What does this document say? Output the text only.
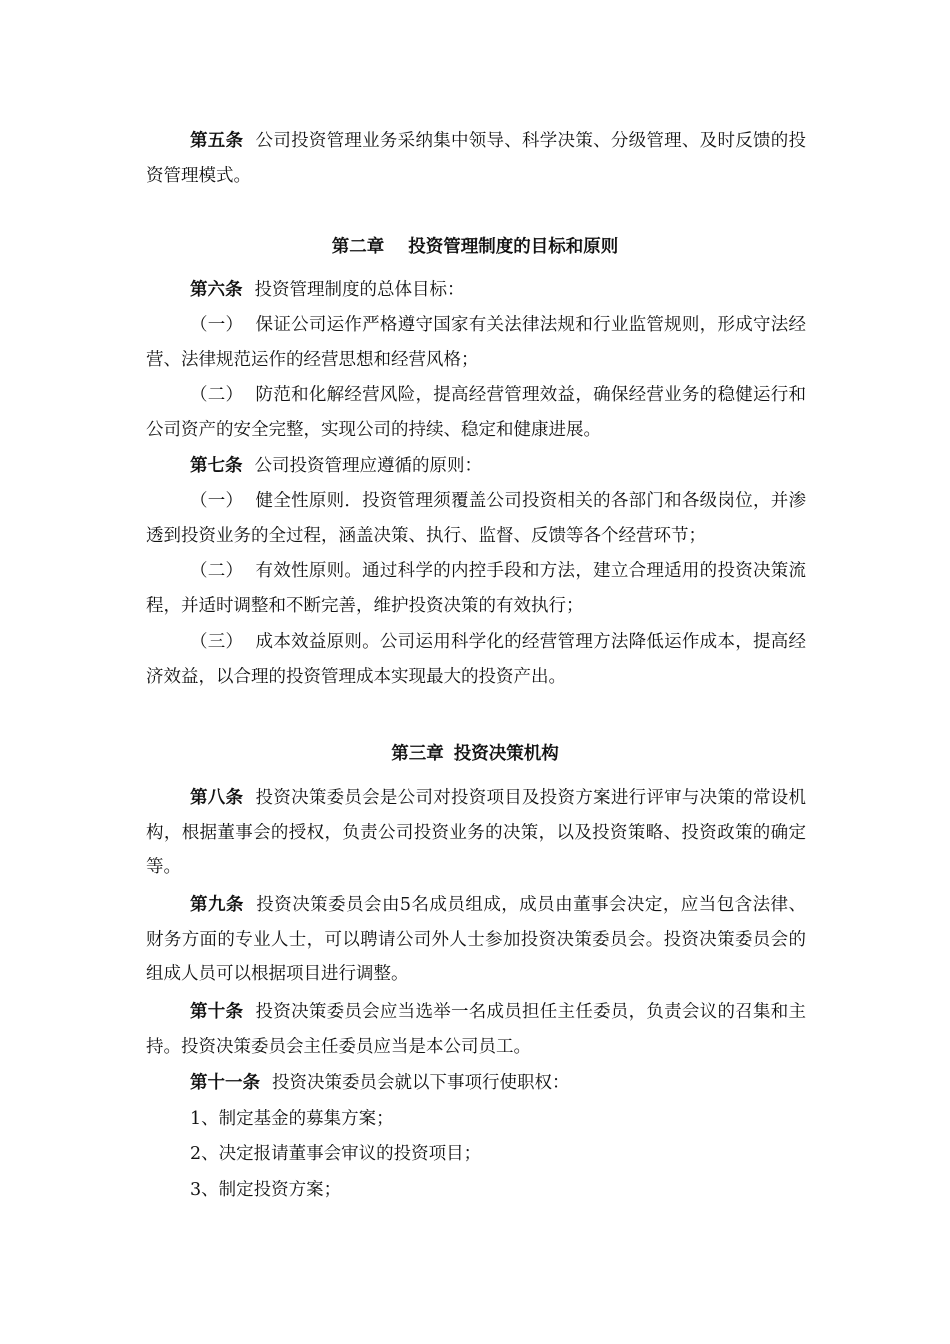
第五条 公司投资管理业务采纳集中领导、科学决策、分级管理、及时反馈的投资管理模式。

第二章 投资管理制度的目标和原则

第六条 投资管理制度的总体目标：

（一） 保证公司运作严格遵守国家有关法律法规和行业监管规则，形成守法经营、法律规范运作的经营思想和经营风格；

（二） 防范和化解经营风险，提高经营管理效益，确保经营业务的稳健运行和公司资产的安全完整，实现公司的持续、稳定和健康进展。

第七条 公司投资管理应遵循的原则：

（一） 健全性原则．投资管理须覆盖公司投资相关的各部门和各级岗位，并渗透到投资业务的全过程，涵盖决策、执行、监督、反馈等各个经营环节；

（二） 有效性原则。通过科学的内控手段和方法，建立合理适用的投资决策流程，并适时调整和不断完善，维护投资决策的有效执行；

（三） 成本效益原则。公司运用科学化的经营管理方法降低运作成本，提高经济效益，以合理的投资管理成本实现最大的投资产出。

第三章 投资决策机构

第八条 投资决策委员会是公司对投资项目及投资方案进行评审与决策的常设机构，根据董事会的授权，负责公司投资业务的决策，以及投资策略、投资政策的确定等。

第九条 投资决策委员会由5名成员组成，成员由董事会决定，应当包含法律、财务方面的专业人士，可以聘请公司外人士参加投资决策委员会。投资决策委员会的组成人员可以根据项目进行调整。

第十条 投资决策委员会应当选举一名成员担任主任委员，负责会议的召集和主持。投资决策委员会主任委员应当是本公司员工。

第十一条 投资决策委员会就以下事项行使职权：

1、制定基金的募集方案；

2、决定报请董事会审议的投资项目；

3、制定投资方案；
